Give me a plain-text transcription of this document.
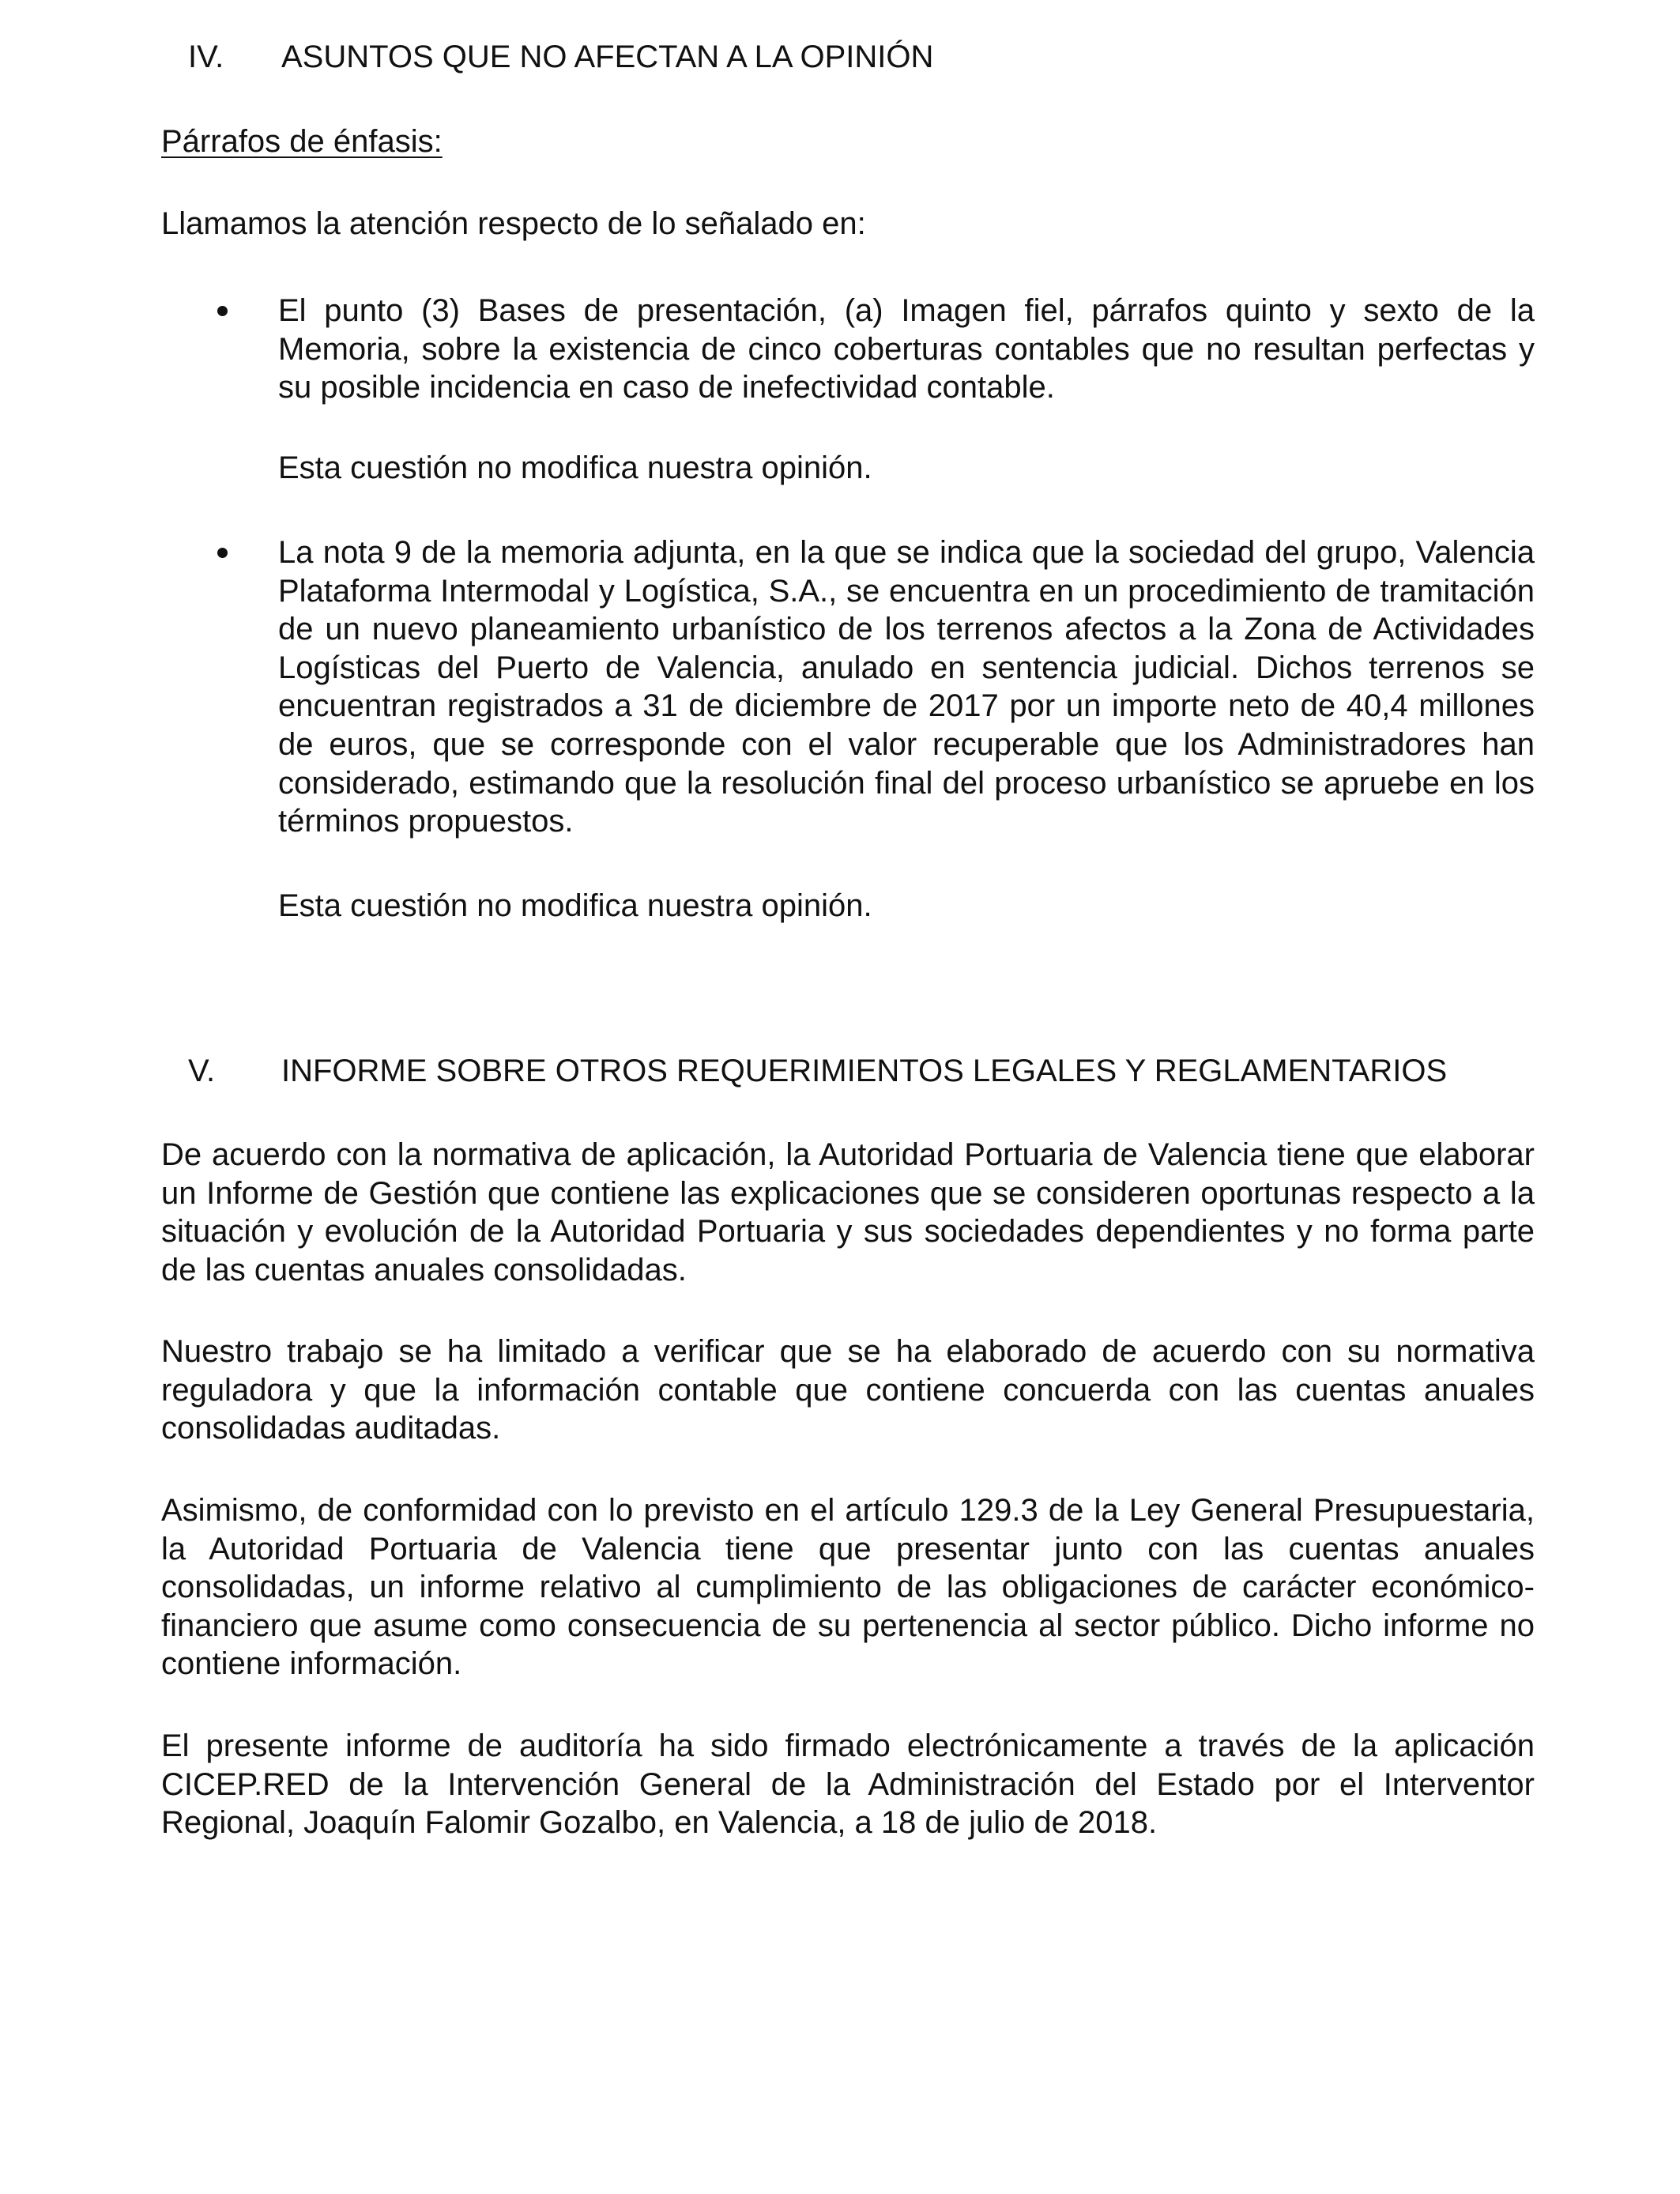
IV. ASUNTOS QUE NO AFECTAN A LA OPINIÓN

Párrafos de énfasis:

Llamamos la atención respecto de lo señalado en:

El punto (3) Bases de presentación, (a) Imagen fiel, párrafos quinto y sexto de la Memoria, sobre la existencia de cinco coberturas contables que no resultan perfectas y su posible incidencia en caso de inefectividad contable.

Esta cuestión no modifica nuestra opinión.

La nota 9 de la memoria adjunta, en la que se indica que la sociedad del grupo, Valencia Plataforma Intermodal y Logística, S.A., se encuentra en un procedimiento de tramitación de un nuevo planeamiento urbanístico de los terrenos afectos a la Zona de Actividades Logísticas del Puerto de Valencia, anulado en sentencia judicial. Dichos terrenos se encuentran registrados a 31 de diciembre de 2017 por un importe neto de 40,4 millones de euros, que se corresponde con el valor recuperable que los Administradores han considerado, estimando que la resolución final del proceso urbanístico se apruebe en los términos propuestos.

Esta cuestión no modifica nuestra opinión.

V. INFORME SOBRE OTROS REQUERIMIENTOS LEGALES Y REGLAMENTARIOS

De acuerdo con la normativa de aplicación, la Autoridad Portuaria de Valencia tiene que elaborar un Informe de Gestión que contiene las explicaciones que se consideren oportunas respecto a la situación y evolución de la Autoridad Portuaria y sus sociedades dependientes y no forma parte de las cuentas anuales consolidadas.

Nuestro trabajo se ha limitado a verificar que se ha elaborado de acuerdo con su normativa reguladora y que la información contable que contiene concuerda con las cuentas anuales consolidadas auditadas.

Asimismo, de conformidad con lo previsto en el artículo 129.3 de la Ley General Presupuestaria, la Autoridad Portuaria de Valencia tiene que presentar junto con las cuentas anuales consolidadas, un informe relativo al cumplimiento de las obligaciones de carácter económico-financiero que asume como consecuencia de su pertenencia al sector público. Dicho informe no contiene información.

El presente informe de auditoría ha sido firmado electrónicamente a través de la aplicación CICEP.RED de la Intervención General de la Administración del Estado por el Interventor Regional, Joaquín Falomir Gozalbo, en Valencia, a 18 de julio de 2018.
